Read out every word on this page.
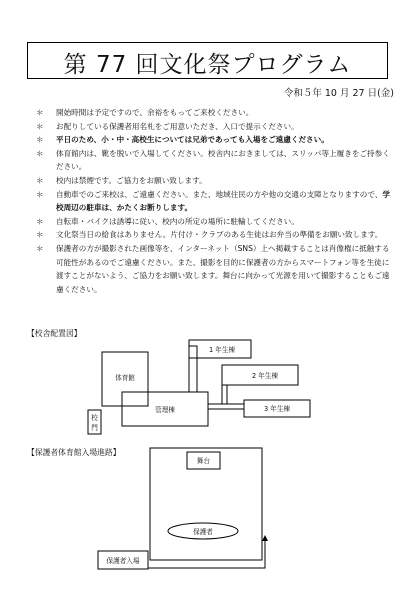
第 77 回文化祭プログラム
令和５年 10 月 27 日(金)
＊ 開始時間は予定ですので、余裕をもってご来校ください。
＊ お配りしている保護者用名札をご用意いただき、入口で提示ください。
＊ 平日のため、小・中・高校生については兄弟であっても入場をご遠慮ください。
＊ 体育館内は、靴を脱いで入場してください。校舎内におきましては、スリッパ等上履きをご持参ください。
＊ 校内は禁煙です。ご協力をお願い致します。
＊ 自動車でのご来校は、ご遠慮ください。また、地域住民の方や他の交通の支障となりますので、学校周辺の駐車は、かたくお断りします。
＊ 自転車・バイクは誘導に従い、校内の所定の場所に駐輪してください。
＊ 文化祭当日の給食はありません。片付け・クラブのある生徒はお弁当の準備をお願い致します。
＊ 保護者の方が撮影された画像等を、インターネット（SNS）上へ掲載することは肖像権に抵触する可能性があるのでご遠慮ください。また、撮影を目的に保護者の方からスマートフォン等を生徒に渡すことがないよう、ご協力をお願い致します。舞台に向かって光源を用いて撮影することもご遠慮ください。
【校舎配置図】
【保護者体育館入場進路】
体育館
1 年生棟
2 年生棟
管理棟	3 年生棟
校
門
舞台
保護者
保護者入場
